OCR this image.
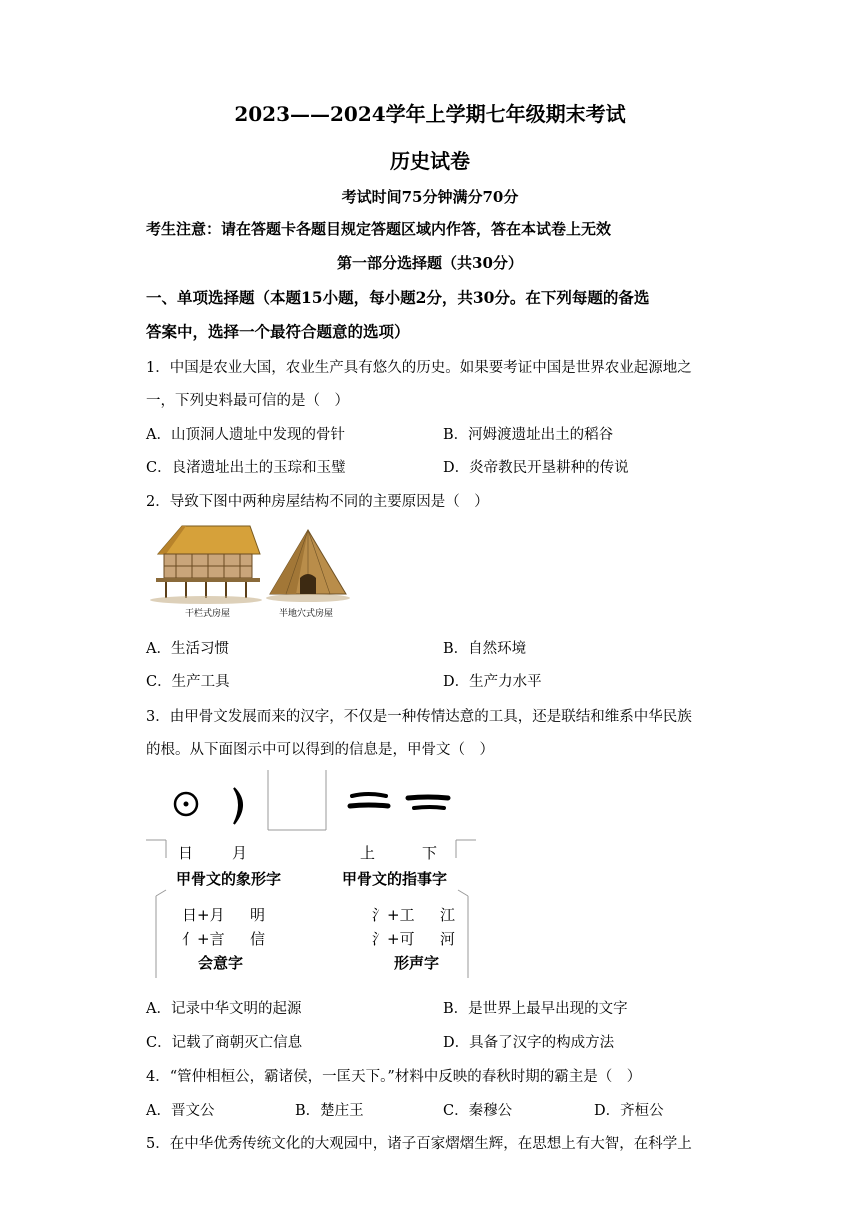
2023——2024学年上学期七年级期末考试
历史试卷
考试时间75分钟满分70分
考生注意：请在答题卡各题目规定答题区域内作答，答在本试卷上无效
第一部分选择题（共30分）
一、单项选择题（本题15小题，每小题2分，共30分。在下列每题的备选
答案中，选择一个最符合题意的选项）
1．中国是农业大国，农业生产具有悠久的历史。如果要考证中国是世界农业起源地之
一，下列史料最可信的是（　）
A．山顶洞人遗址中发现的骨针	B．河姆渡遗址出土的稻谷
C．良渚遗址出土的玉琮和玉璧	D．炎帝教民开垦耕种的传说
2．导致下图中两种房屋结构不同的主要原因是（　）
干栏式房屋	半地穴式房屋
A．生活习惯	B．自然环境
C．生产工具	D．生产力水平
3．由甲骨文发展而来的汉字，不仅是一种传情达意的工具，还是联结和维系中华民族
的根。从下面图示中可以得到的信息是，甲骨文（　）
日	月	上	下
甲骨文的象形字	甲骨文的指事字
日+月 明
亻+言 信
氵+工 江
氵+可 河
会意字	形声字
A．记录中华文明的起源	B．是世界上最早出现的文字
C．记载了商朝灭亡信息	D．具备了汉字的构成方法
4．“管仲相桓公，霸诸侯，一匡天下。”材料中反映的春秋时期的霸主是（　）
A．晋文公	B．楚庄王	C．秦穆公	D．齐桓公
5．在中华优秀传统文化的大观园中，诸子百家熠熠生辉，在思想上有大智，在科学上
